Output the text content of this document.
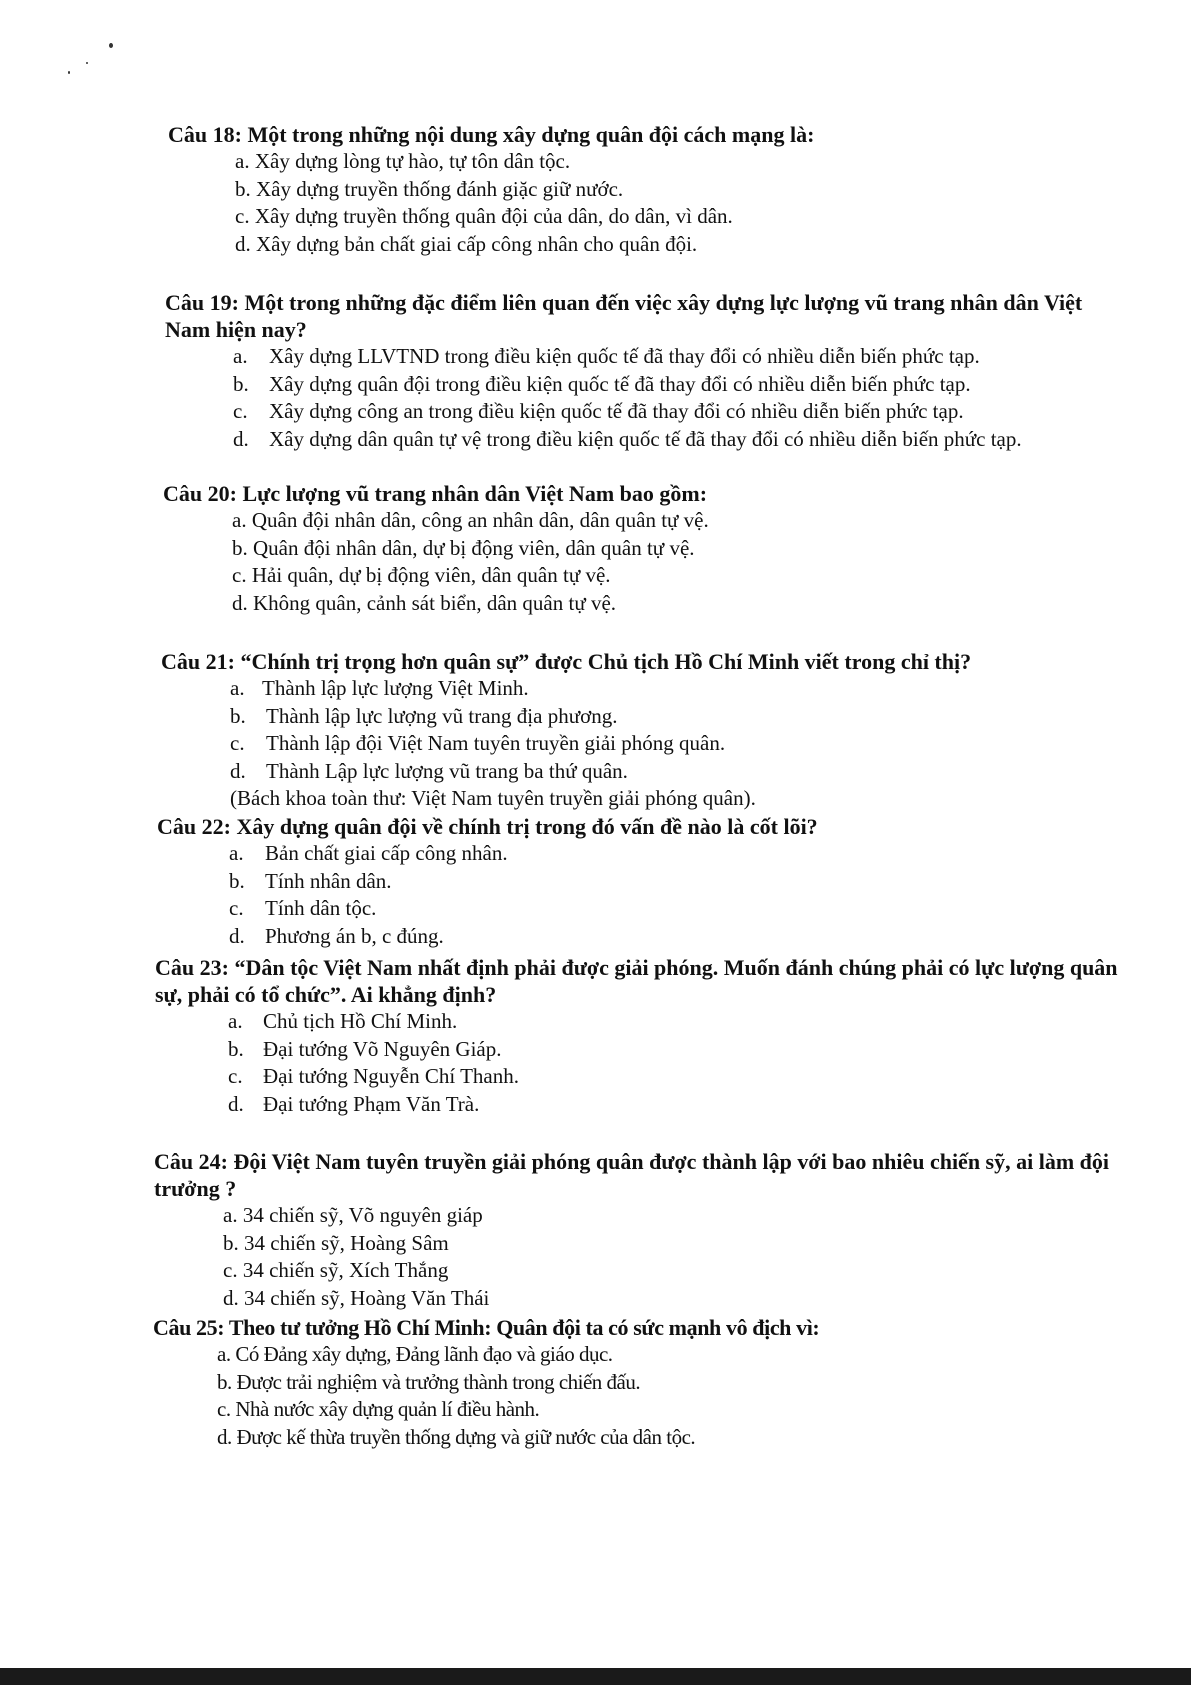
Câu 18: Một trong những nội dung xây dựng quân đội cách mạng là:

a. Xây dựng lòng tự hào, tự tôn dân tộc.
b. Xây dựng truyền thống đánh giặc giữ nước.
c. Xây dựng truyền thống quân đội của dân, do dân, vì dân.
d. Xây dựng bản chất giai cấp công nhân cho quân đội.

Câu 19: Một trong những đặc điểm liên quan đến việc xây dựng lực lượng vũ trang nhân dân Việt Nam hiện nay?

a. Xây dựng LLVTND trong điều kiện quốc tế đã thay đổi có nhiều diễn biến phức tạp.
b. Xây dựng quân đội trong điều kiện quốc tế đã thay đổi có nhiều diễn biến phức tạp.
c. Xây dựng công an trong điều kiện quốc tế đã thay đổi có nhiều diễn biến phức tạp.
d. Xây dựng dân quân tự vệ trong điều kiện quốc tế đã thay đổi có nhiều diễn biến phức tạp.

Câu 20: Lực lượng vũ trang nhân dân Việt Nam bao gồm:

a. Quân đội nhân dân, công an nhân dân, dân quân tự vệ.
b. Quân đội nhân dân, dự bị động viên, dân quân tự vệ.
c. Hải quân, dự bị động viên, dân quân tự vệ.
d. Không quân, cảnh sát biển, dân quân tự vệ.

Câu 21: “Chính trị trọng hơn quân sự” được Chủ tịch Hồ Chí Minh viết trong chỉ thị?

a. Thành lập lực lượng Việt Minh.
b. Thành lập lực lượng vũ trang địa phương.
c. Thành lập đội Việt Nam tuyên truyền giải phóng quân.
d. Thành Lập lực lượng vũ trang ba thứ quân.
(Bách khoa toàn thư: Việt Nam tuyên truyền giải phóng quân).

Câu 22: Xây dựng quân đội về chính trị trong đó vấn đề nào là cốt lõi?

a. Bản chất giai cấp công nhân.
b. Tính nhân dân.
c. Tính dân tộc.
d. Phương án b, c đúng.

Câu 23: “Dân tộc Việt Nam nhất định phải được giải phóng. Muốn đánh chúng phải có lực lượng quân sự, phải có tổ chức”. Ai khẳng định?

a. Chủ tịch Hồ Chí Minh.
b. Đại tướng Võ Nguyên Giáp.
c. Đại tướng Nguyễn Chí Thanh.
d. Đại tướng Phạm Văn Trà.

Câu 24: Đội Việt Nam tuyên truyền giải phóng quân được thành lập với bao nhiêu chiến sỹ, ai làm đội trưởng ?

a. 34 chiến sỹ, Võ nguyên giáp
b. 34 chiến sỹ, Hoàng Sâm
c. 34 chiến sỹ, Xích Thắng
d. 34 chiến sỹ, Hoàng Văn Thái

Câu 25: Theo tư tưởng Hồ Chí Minh: Quân đội ta có sức mạnh vô địch vì:

a. Có Đảng xây dựng, Đảng lãnh đạo và giáo dục.
b. Được trải nghiệm và trưởng thành trong chiến đấu.
c. Nhà nước xây dựng quản lí điều hành.
d. Được kế thừa truyền thống dựng và giữ nước của dân tộc.
